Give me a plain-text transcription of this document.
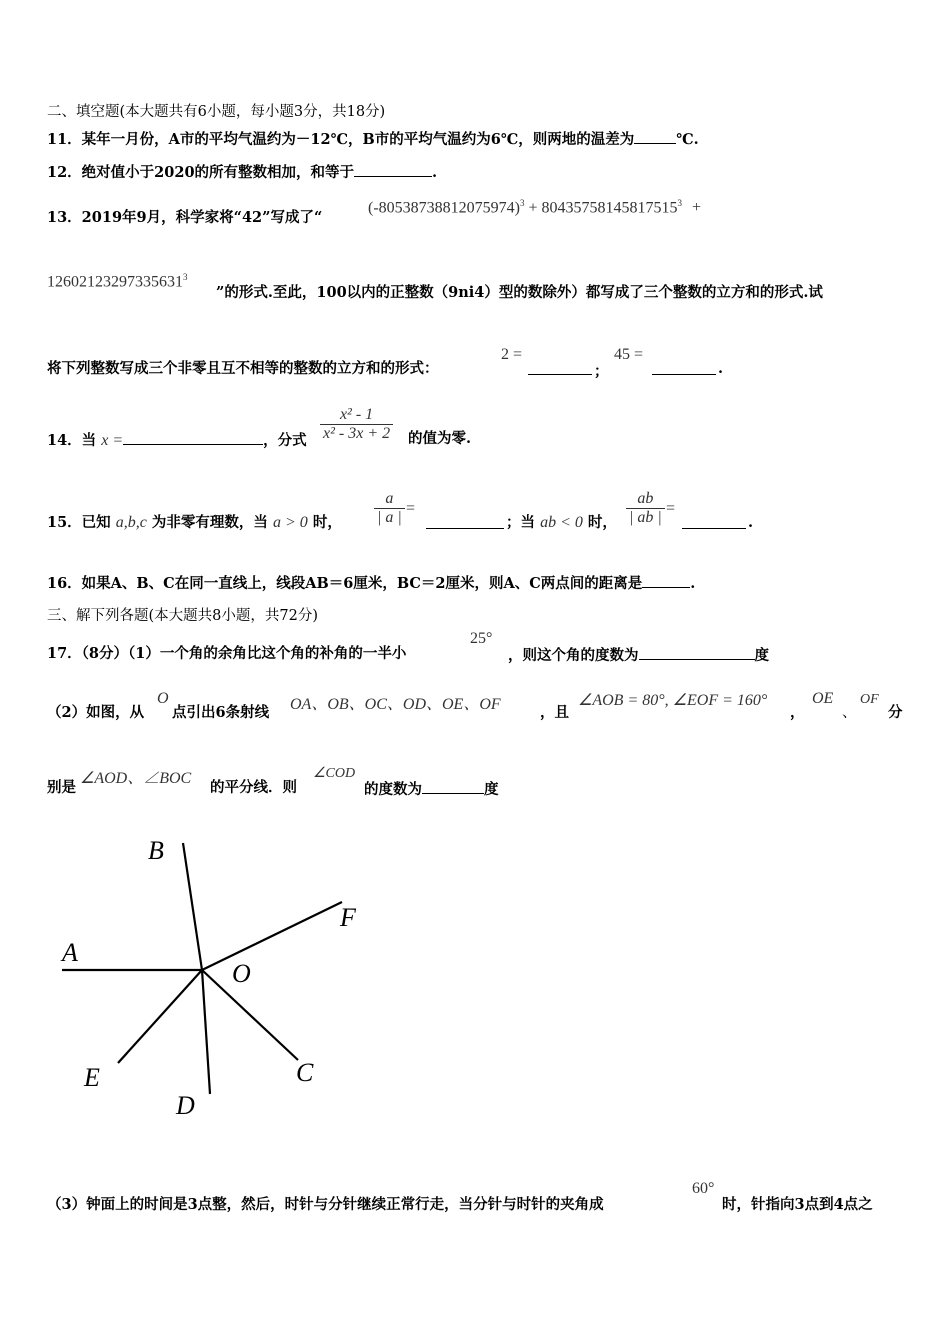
二、填空题(本大题共有6小题，每小题3分，共18分)
11．某年一月份，A市的平均气温约为－12℃，B市的平均气温约为6℃，则两地的温差为	℃.
12．绝对值小于2020的所有整数相加，和等于	.
13．2019年9月，科学家将“42”写成了“
$(-80538738812075974)^3 + 80435758145817515^3$ +
$12602123297335631^3$
”的形式.至此，100以内的正整数（9ni4）型的数除外）都写成了三个整数的立方和的形式.试
将下列整数写成三个非零且互不相等的整数的立方和的形式：
2 =
；
45 =
.
14．当 x =	，分式 $\frac{\text{x² - 1}}{\text{x² - 3x + 2}}$ 的值为零.
15．已知 a,b,c 为非零有理数，当 a > 0 时， $\frac{a}{| a |}$ =
；当 ab < 0 时， $\frac{ab}{| ab |}$ =
.
16．如果A、B、C在同一直线上，线段AB＝6厘米，BC＝2厘米，则A、C两点间的距离是	.
三、解下列各题(本大题共8小题，共72分)
17．（8分）（1）一个角的余角比这个角的补角的一半小
25°
，则这个角的度数为	度
（2）如图，从
O
点引出6条射线 OA、OB、OC、OD、OE、OF	，且
∠AOB = 80°, ∠EOF = 160°
，
OE
、
OF
分
别是
∠AOD、∠BOC
的平分线．则
∠COD
的度数为	度
A
B
F
O
C
E
D
（3）钟面上的时间是3点整，然后，时针与分针继续正常行走，当分针与时针的夹角成
60°
时，针指向3点到4点之
